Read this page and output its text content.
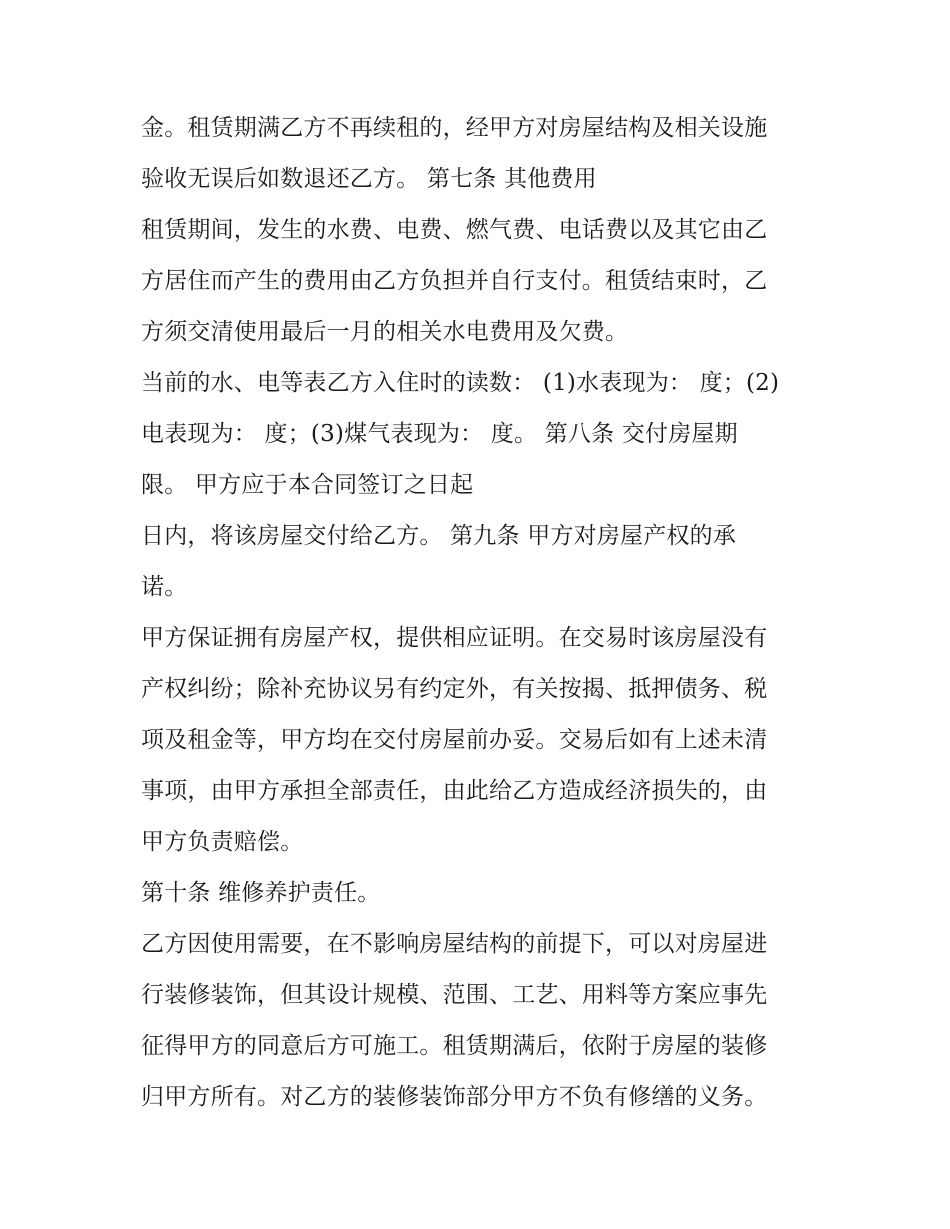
金。租赁期满乙方不再续租的，经甲方对房屋结构及相关设施
验收无误后如数退还乙方。 第七条 其他费用
租赁期间，发生的水费、电费、燃气费、电话费以及其它由乙
方居住而产生的费用由乙方负担并自行支付。租赁结束时，乙
方须交清使用最后一月的相关水电费用及欠费。
当前的水、电等表乙方入住时的读数： (1)水表现为： 度；(2)
电表现为： 度；(3)煤气表现为： 度。 第八条 交付房屋期
限。 甲方应于本合同签订之日起
日内，将该房屋交付给乙方。 第九条 甲方对房屋产权的承
诺。
甲方保证拥有房屋产权，提供相应证明。在交易时该房屋没有
产权纠纷；除补充协议另有约定外，有关按揭、抵押债务、税
项及租金等，甲方均在交付房屋前办妥。交易后如有上述未清
事项，由甲方承担全部责任，由此给乙方造成经济损失的，由
甲方负责赔偿。
第十条 维修养护责任。
乙方因使用需要，在不影响房屋结构的前提下，可以对房屋进
行装修装饰，但其设计规模、范围、工艺、用料等方案应事先
征得甲方的同意后方可施工。租赁期满后，依附于房屋的装修
归甲方所有。对乙方的装修装饰部分甲方不负有修缮的义务。
